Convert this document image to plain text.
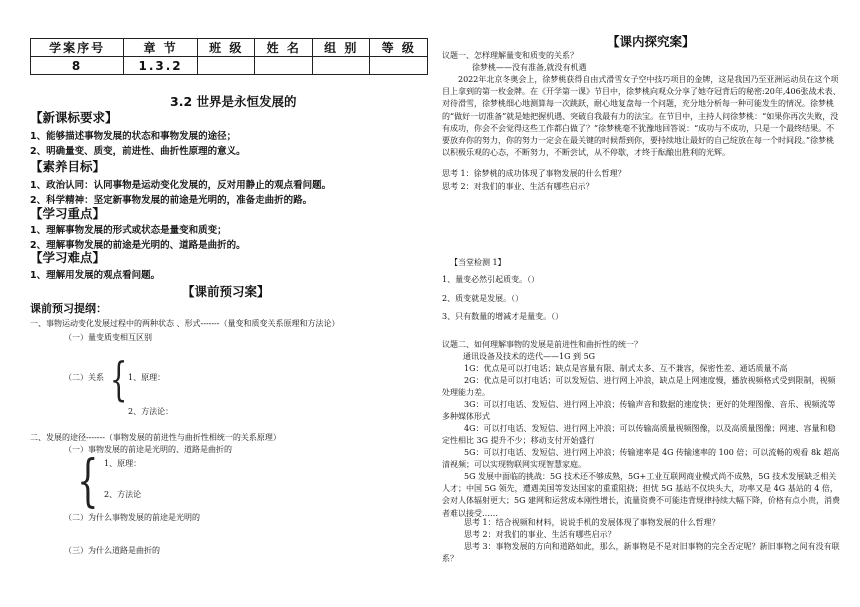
学案序号	章 节	班 级	姓 名	组 别	等 级
8	1.3.2				
3.2 世界是永恒发展的
【新课标要求】
1、能够描述事物发展的状态和事物发展的途径；
2、明确量变、质变，前进性、曲折性原理的意义。
【素养目标】
1、政治认同：认同事物是运动变化发展的，反对用静止的观点看问题。
2、科学精神：坚定新事物发展的前途是光明的，准备走曲折的路。
【学习重点】
1、理解事物发展的形式或状态是量变和质变；
2、理解事物发展的前途是光明的、道路是曲折的。
【学习难点】
1、理解用发展的观点看问题。
【课前预习案】
课前预习提纲：
一、事物运动变化发展过程中的两种状态 、形式-------（量变和质变关系原理和方法论）
（一）量变质变相互区别
（二）关系 { 1、原理：
2、方法论：
二、发展的途径-------（事物发展的前进性与曲折性相统一的关系原理）
（一）事物发展的前途是光明的、道路是曲折的
{ 1、原理：
2、方法论
（二）为什么事物发展的前途是光明的
（三）为什么道路是曲折的
【课内探究案】
议题一、怎样理解量变和质变的关系？
徐梦桃——没有准备,就没有机遇
2022年北京冬奥会上，徐梦桃获得自由式滑雪女子空中技巧项目的金牌，这是我国乃至亚洲运动员在这个项目上拿到的第一枚金牌。在《开学第一课》节目中，徐梦桃向观众分享了她夺冠背后的秘密:20年,406张战术表、对待滑雪，徐梦桃细心地测算每一次跳跃，耐心地复盘每一个问题，充分地分析每一种可能发生的情况。徐梦桃的“做好一切准备”就是她把握机遇、突破自我最有力的法宝。在节目中，主持人问徐梦桃：“如果你再次失败，没有成功，你会不会觉得这些工作都白做了？”徐梦桃毫不犹豫地回答说：“成功与不成功，只是一个最终结果。不要放弃你的努力，你的努力一定会在最关键的时候帮到你，要持续地让最好的自己绽放在每一个时间段。”徐梦桃以积极乐观的心态，不断努力，不断尝试，从不停歇，才终于酝酿出胜利的光辉。
思考 1：徐梦桃的成功体现了事物发展的什么哲理？
思考 2：对我们的事业、生活有哪些启示？
【当堂检测 1】
1、量变必然引起质变。（）
2、质变就是发展。（）
3、只有数量的增减才是量变。（）
议题二、如何理解事物的发展是前进性和曲折性的统一？
通讯设备及技术的迭代——1G 到 5G
1G：优点是可以打电话；缺点是容量有限、制式太多、互不兼容，保密性差、通话质量不高
2G：优点是可以打电话；可以发短信、进行网上冲浪，缺点是上网速度慢，播放视频格式受到限制，视频处理能力差。
3G：可以打电话、发短信、进行网上冲浪；传输声音和数据的速度快；更好的处理图像、音乐、视频流等多种媒体形式
4G：可以打电话、发短信、进行网上冲浪；可以传输高质量视频图像，以及高质量图像；网速、容量和稳定性相比 3G 提升不少；移动支付开始盛行
5G：可以打电话、发短信、进行网上冲浪；传输速率是 4G 传输速率的 100 倍；可以流畅的观看 8k 超高清视频；可以实现物联网实现智慧家庭。
5G 发展中面临的挑战：5G 技术还不够成熟，5G+工业互联网商业模式尚不成熟，5G 技术发展缺乏相关人才；中国 5G 领先，遭遇美国等发达国家的重重阻挠；担忧 5G 基站不仅块头大，功率又是 4G 基站的 4 倍，会对人体辐射更大；5G 建网和运营成本刚性增长，流量资费不可能违背规律持续大幅下降，价格有点小贵，消费者难以接受……
思考 1：结合视频和材料，说说手机的发展体现了事物发展的什么哲理？
思考 2：对我们的事业、生活有哪些启示？
思考 3：事物发展的方向和道路如此，那么，新事物是不是对旧事物的完全否定呢？新旧事物之间有没有联系？
